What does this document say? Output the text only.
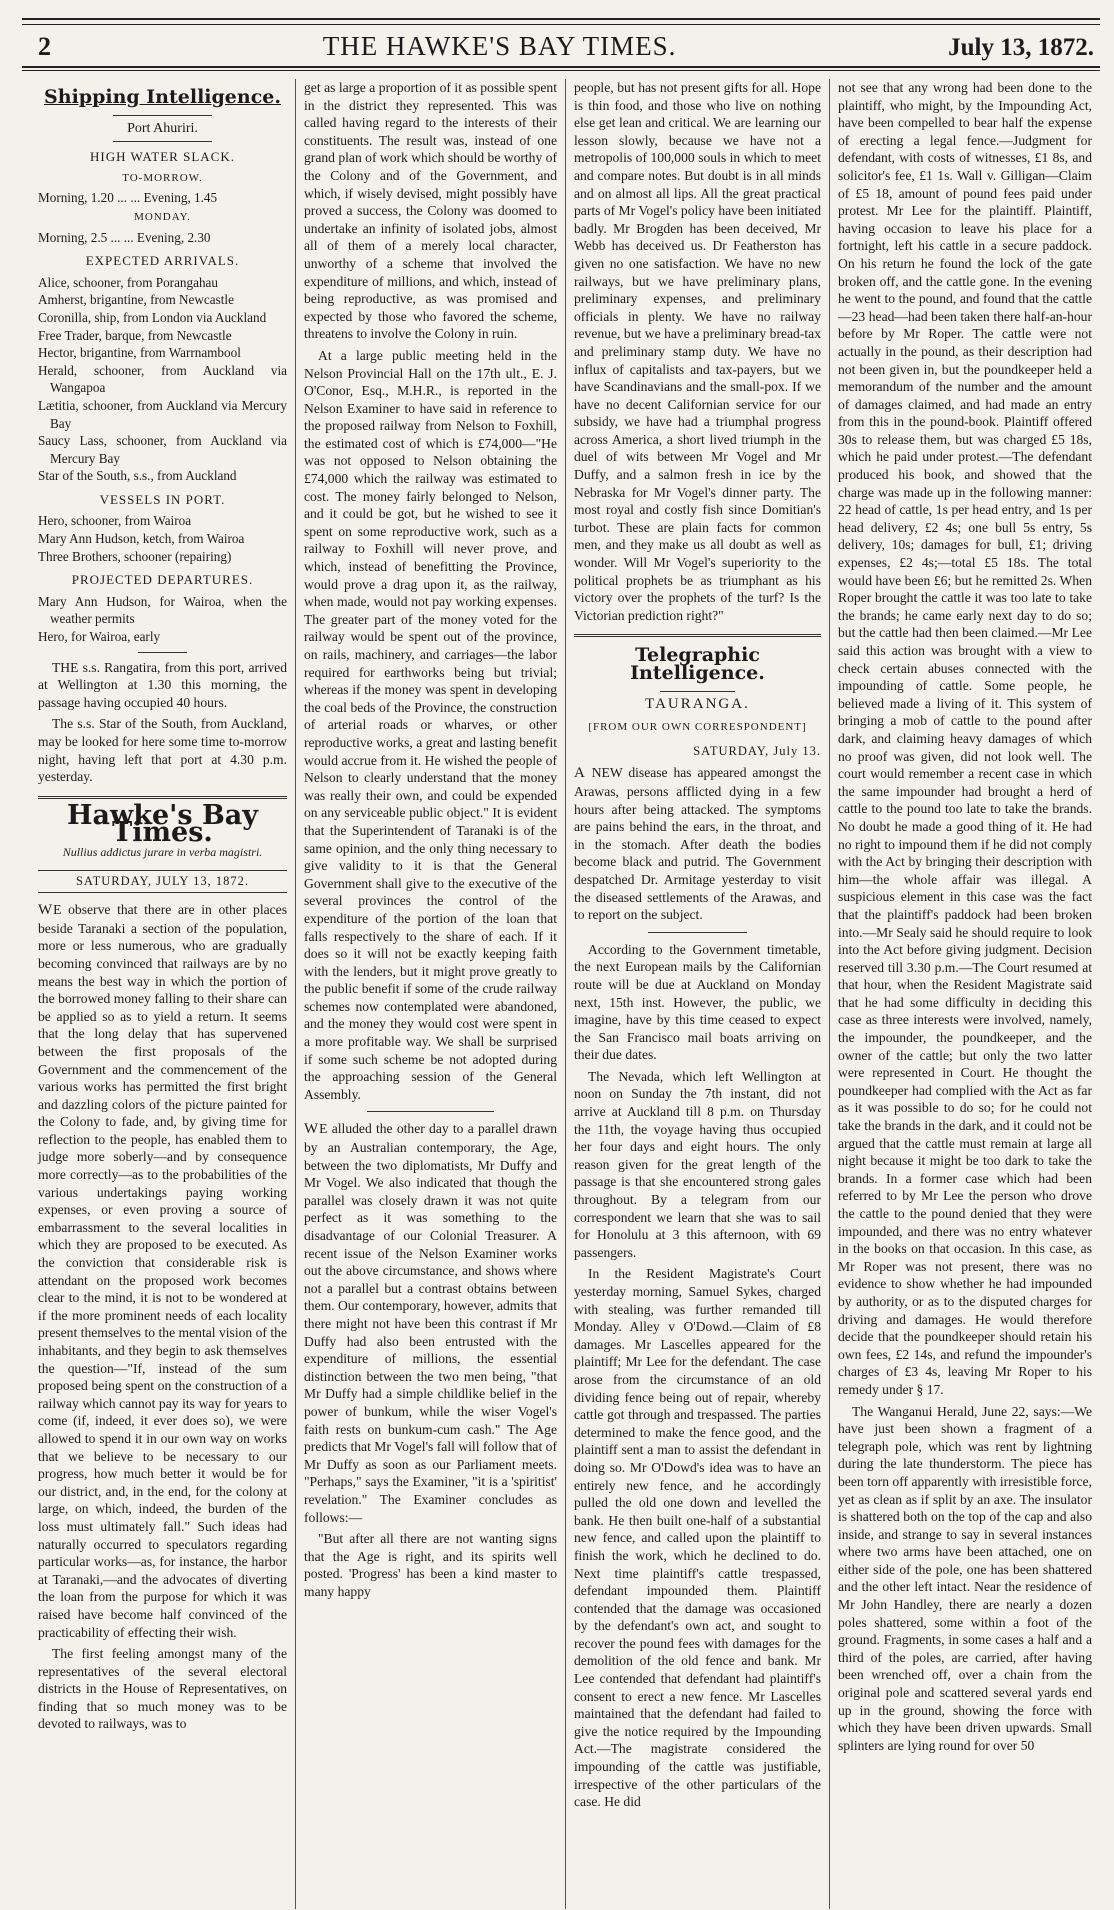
2	THE HAWKE'S BAY TIMES.	July 13, 1872.
Shipping Intelligence.
Port Ahuriri.
HIGH WATER SLACK.
TO-MORROW.
Morning, 1.20 ... ... Evening, 1.45
MONDAY.
Morning, 2.5 ... ... Evening, 2.30
EXPECTED ARRIVALS.
Alice, schooner, from Porangahau
Amherst, brigantine, from Newcastle
Coronilla, ship, from London via Auckland
Free Trader, barque, from Newcastle
Hector, brigantine, from Warrnambool
Herald, schooner, from Auckland via Wangapoa
Lætitia, schooner, from Auckland via Mercury Bay
Saucy Lass, schooner, from Auckland via Mercury Bay
Star of the South, s.s., from Auckland
VESSELS IN PORT.
Hero, schooner, from Wairoa
Mary Ann Hudson, ketch, from Wairoa
Three Brothers, schooner (repairing)
PROJECTED DEPARTURES.
Mary Ann Hudson, for Wairoa, when the weather permits
Hero, for Wairoa, early

THE s.s. Rangatira, from this port, arrived at Wellington at 1.30 this morning, the passage having occupied 40 hours.

The s.s. Star of the South, from Auckland, may be looked for here some time to-morrow night, having left that port at 4.30 p.m. yesterday.

Hawke's Bay Times.
Nullius addictus jurare in verba magistri.
SATURDAY, JULY 13, 1872.

WE observe that there are in other places beside Taranaki a section of the population, more or less numerous, who are gradually becoming convinced that railways are by no means the best way in which the portion of the borrowed money falling to their share can be applied so as to yield a return. It seems that the long delay that has supervened between the first proposals of the Government and the commencement of the various works has permitted the first bright and dazzling colors of the picture painted for the Colony to fade, and, by giving time for reflection to the people, has enabled them to judge more soberly—and by consequence more correctly—as to the probabilities of the various undertakings paying working expenses, or even proving a source of embarrassment to the several localities in which they are proposed to be executed. As the conviction that considerable risk is attendant on the proposed work becomes clear to the mind, it is not to be wondered at if the more prominent needs of each locality present themselves to the mental vision of the inhabitants, and they begin to ask themselves the question—"If, instead of the sum proposed being spent on the construction of a railway which cannot pay its way for years to come (if, indeed, it ever does so), we were allowed to spend it in our own way on works that we believe to be necessary to our progress, how much better it would be for our district, and, in the end, for the colony at large, on which, indeed, the burden of the loss must ultimately fall." Such ideas had naturally occurred to speculators regarding particular works—as, for instance, the harbor at Taranaki,—and the advocates of diverting the loan from the purpose for which it was raised have become half convinced of the practicability of effecting their wish.

The first feeling amongst many of the representatives of the several electoral districts in the House of Representatives, on finding that so much money was to be devoted to railways, was to

get as large a proportion of it as possible spent in the district they represented. This was called having regard to the interests of their constituents. The result was, instead of one grand plan of work which should be worthy of the Colony and of the Government, and which, if wisely devised, might possibly have proved a success, the Colony was doomed to undertake an infinity of isolated jobs, almost all of them of a merely local character, unworthy of a scheme that involved the expenditure of millions, and which, instead of being reproductive, as was promised and expected by those who favored the scheme, threatens to involve the Colony in ruin.

At a large public meeting held in the Nelson Provincial Hall on the 17th ult., E. J. O'Conor, Esq., M.H.R., is reported in the Nelson Examiner to have said in reference to the proposed railway from Nelson to Foxhill, the estimated cost of which is £74,000—"He was not opposed to Nelson obtaining the £74,000 which the railway was estimated to cost. The money fairly belonged to Nelson, and it could be got, but he wished to see it spent on some reproductive work, such as a railway to Foxhill will never prove, and which, instead of benefitting the Province, would prove a drag upon it, as the railway, when made, would not pay working expenses. The greater part of the money voted for the railway would be spent out of the province, on rails, machinery, and carriages—the labor required for earthworks being but trivial; whereas if the money was spent in developing the coal beds of the Province, the construction of arterial roads or wharves, or other reproductive works, a great and lasting benefit would accrue from it. He wished the people of Nelson to clearly understand that the money was really their own, and could be expended on any serviceable public object." It is evident that the Superintendent of Taranaki is of the same opinion, and the only thing necessary to give validity to it is that the General Government shall give to the executive of the several provinces the control of the expenditure of the portion of the loan that falls respectively to the share of each. If it does so it will not be exactly keeping faith with the lenders, but it might prove greatly to the public benefit if some of the crude railway schemes now contemplated were abandoned, and the money they would cost were spent in a more profitable way. We shall be surprised if some such scheme be not adopted during the approaching session of the General Assembly.

WE alluded the other day to a parallel drawn by an Australian contemporary, the Age, between the two diplomatists, Mr Duffy and Mr Vogel. We also indicated that though the parallel was closely drawn it was not quite perfect as it was something to the disadvantage of our Colonial Treasurer. A recent issue of the Nelson Examiner works out the above circumstance, and shows where not a parallel but a contrast obtains between them. Our contemporary, however, admits that there might not have been this contrast if Mr Duffy had also been entrusted with the expenditure of millions, the essential distinction between the two men being, "that Mr Duffy had a simple childlike belief in the power of bunkum, while the wiser Vogel's faith rests on bunkum-cum cash." The Age predicts that Mr Vogel's fall will follow that of Mr Duffy as soon as our Parliament meets. "Perhaps," says the Examiner, "it is a 'spiritist' revelation." The Examiner concludes as follows:—

"But after all there are not wanting signs that the Age is right, and its spirits well posted. 'Progress' has been a kind master to many happy

people, but has not present gifts for all. Hope is thin food, and those who live on nothing else get lean and critical. We are learning our lesson slowly, because we have not a metropolis of 100,000 souls in which to meet and compare notes. But doubt is in all minds and on almost all lips. All the great practical parts of Mr Vogel's policy have been initiated badly. Mr Brogden has been deceived, Mr Webb has deceived us. Dr Featherston has given no one satisfaction. We have no new railways, but we have preliminary plans, preliminary expenses, and preliminary officials in plenty. We have no railway revenue, but we have a preliminary bread-tax and preliminary stamp duty. We have no influx of capitalists and tax-payers, but we have Scandinavians and the small-pox. If we have no decent Californian service for our subsidy, we have had a triumphal progress across America, a short lived triumph in the duel of wits between Mr Vogel and Mr Duffy, and a salmon fresh in ice by the Nebraska for Mr Vogel's dinner party. The most royal and costly fish since Domitian's turbot. These are plain facts for common men, and they make us all doubt as well as wonder. Will Mr Vogel's superiority to the political prophets be as triumphant as his victory over the prophets of the turf? Is the Victorian prediction right?"

Telegraphic Intelligence.
TAURANGA.
[FROM OUR OWN CORRESPONDENT]
SATURDAY, July 13.

A NEW disease has appeared amongst the Arawas, persons afflicted dying in a few hours after being attacked. The symptoms are pains behind the ears, in the throat, and in the stomach. After death the bodies become black and putrid. The Government despatched Dr. Armitage yesterday to visit the diseased settlements of the Arawas, and to report on the subject.

According to the Government timetable, the next European mails by the Californian route will be due at Auckland on Monday next, 15th inst. However, the public, we imagine, have by this time ceased to expect the San Francisco mail boats arriving on their due dates.

The Nevada, which left Wellington at noon on Sunday the 7th instant, did not arrive at Auckland till 8 p.m. on Thursday the 11th, the voyage having thus occupied her four days and eight hours. The only reason given for the great length of the passage is that she encountered strong gales throughout. By a telegram from our correspondent we learn that she was to sail for Honolulu at 3 this afternoon, with 69 passengers.

In the Resident Magistrate's Court yesterday morning, Samuel Sykes, charged with stealing, was further remanded till Monday. Alley v O'Dowd.—Claim of £8 damages. Mr Lascelles appeared for the plaintiff; Mr Lee for the defendant. The case arose from the circumstance of an old dividing fence being out of repair, whereby cattle got through and trespassed. The parties determined to make the fence good, and the plaintiff sent a man to assist the defendant in doing so. Mr O'Dowd's idea was to have an entirely new fence, and he accordingly pulled the old one down and levelled the bank. He then built one-half of a substantial new fence, and called upon the plaintiff to finish the work, which he declined to do. Next time plaintiff's cattle trespassed, defendant impounded them. Plaintiff contended that the damage was occasioned by the defendant's own act, and sought to recover the pound fees with damages for the demolition of the old fence and bank. Mr Lee contended that defendant had plaintiff's consent to erect a new fence. Mr Lascelles maintained that the defendant had failed to give the notice required by the Impounding Act.—The magistrate considered the impounding of the cattle was justifiable, irrespective of the other particulars of the case. He did

not see that any wrong had been done to the plaintiff, who might, by the Impounding Act, have been compelled to bear half the expense of erecting a legal fence.—Judgment for defendant, with costs of witnesses, £1 8s, and solicitor's fee, £1 1s. Wall v. Gilligan—Claim of £5 18, amount of pound fees paid under protest. Mr Lee for the plaintiff. Plaintiff, having occasion to leave his place for a fortnight, left his cattle in a secure paddock. On his return he found the lock of the gate broken off, and the cattle gone. In the evening he went to the pound, and found that the cattle—23 head—had been taken there half-an-hour before by Mr Roper. The cattle were not actually in the pound, as their description had not been given in, but the poundkeeper held a memorandum of the number and the amount of damages claimed, and had made an entry from this in the pound-book. Plaintiff offered 30s to release them, but was charged £5 18s, which he paid under protest.—The defendant produced his book, and showed that the charge was made up in the following manner: 22 head of cattle, 1s per head entry, and 1s per head delivery, £2 4s; one bull 5s entry, 5s delivery, 10s; damages for bull, £1; driving expenses, £2 4s;—total £5 18s. The total would have been £6; but he remitted 2s. When Roper brought the cattle it was too late to take the brands; he came early next day to do so; but the cattle had then been claimed.—Mr Lee said this action was brought with a view to check certain abuses connected with the impounding of cattle. Some people, he believed made a living of it. This system of bringing a mob of cattle to the pound after dark, and claiming heavy damages of which no proof was given, did not look well. The court would remember a recent case in which the same impounder had brought a herd of cattle to the pound too late to take the brands. No doubt he made a good thing of it. He had no right to impound them if he did not comply with the Act by bringing their description with him—the whole affair was illegal. A suspicious element in this case was the fact that the plaintiff's paddock had been broken into.—Mr Sealy said he should require to look into the Act before giving judgment. Decision reserved till 3.30 p.m.—The Court resumed at that hour, when the Resident Magistrate said that he had some difficulty in deciding this case as three interests were involved, namely, the impounder, the poundkeeper, and the owner of the cattle; but only the two latter were represented in Court. He thought the poundkeeper had complied with the Act as far as it was possible to do so; for he could not take the brands in the dark, and it could not be argued that the cattle must remain at large all night because it might be too dark to take the brands. In a former case which had been referred to by Mr Lee the person who drove the cattle to the pound denied that they were impounded, and there was no entry whatever in the books on that occasion. In this case, as Mr Roper was not present, there was no evidence to show whether he had impounded by authority, or as to the disputed charges for driving and damages. He would therefore decide that the poundkeeper should retain his own fees, £2 14s, and refund the impounder's charges of £3 4s, leaving Mr Roper to his remedy under § 17.

The Wanganui Herald, June 22, says:—We have just been shown a fragment of a telegraph pole, which was rent by lightning during the late thunderstorm. The piece has been torn off apparently with irresistible force, yet as clean as if split by an axe. The insulator is shattered both on the top of the cap and also inside, and strange to say in several instances where two arms have been attached, one on either side of the pole, one has been shattered and the other left intact. Near the residence of Mr John Handley, there are nearly a dozen poles shattered, some within a foot of the ground. Fragments, in some cases a half and a third of the poles, are carried, after having been wrenched off, over a chain from the original pole and scattered several yards end up in the ground, showing the force with which they have been driven upwards. Small splinters are lying round for over 50
